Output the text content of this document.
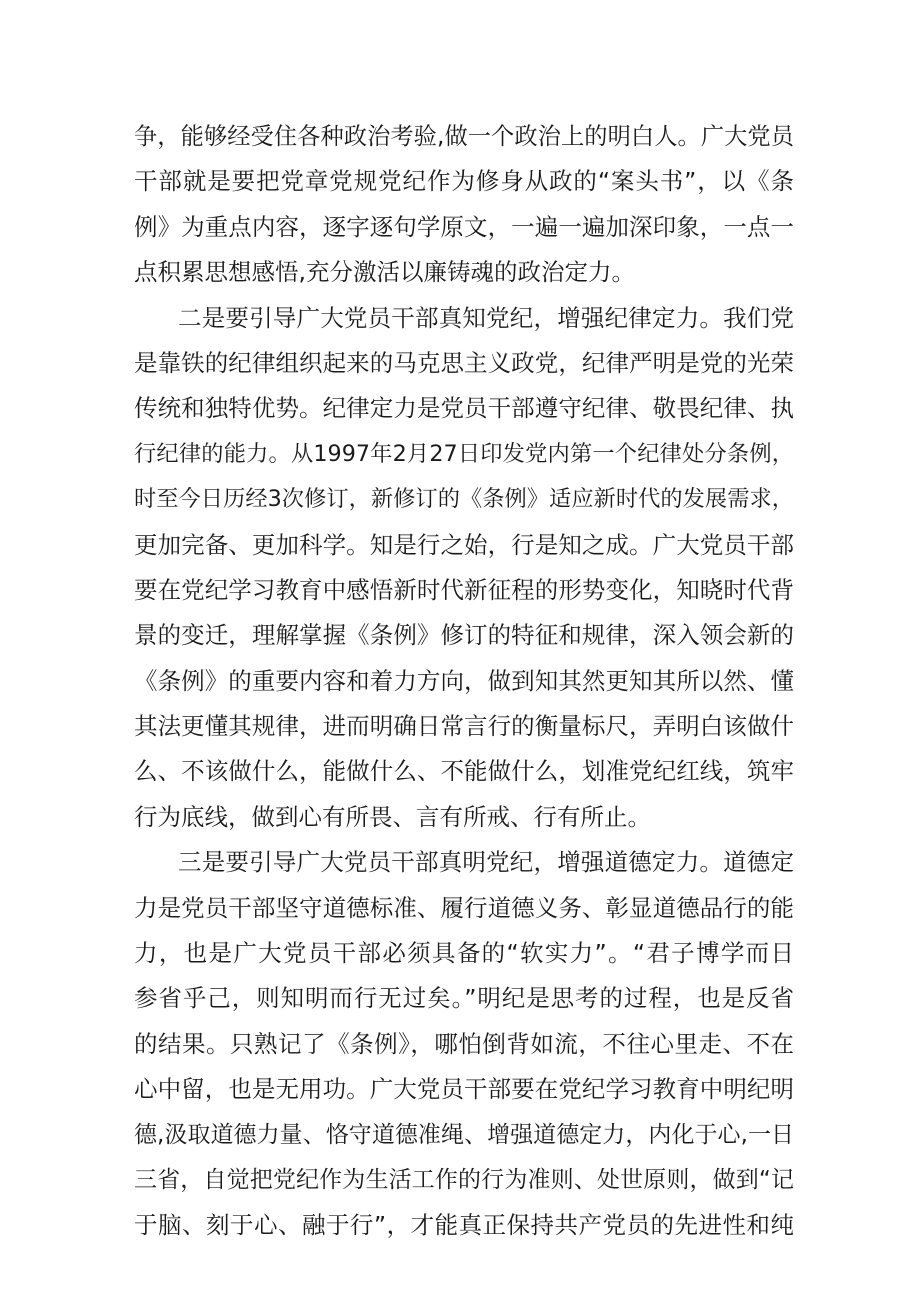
争，能够经受住各种政治考验,做一个政治上的明白人。广大党员
干部就是要把党章党规党纪作为修身从政的“案头书”，以《条
例》为重点内容，逐字逐句学原文，一遍一遍加深印象，一点一
点积累思想感悟,充分激活以廉铸魂的政治定力。
二是要引导广大党员干部真知党纪，增强纪律定力。我们党
是靠铁的纪律组织起来的马克思主义政党，纪律严明是党的光荣
传统和独特优势。纪律定力是党员干部遵守纪律、敬畏纪律、执
行纪律的能力。从1997年2月27日印发党内第一个纪律处分条例，
时至今日历经3次修订，新修订的《条例》适应新时代的发展需求，
更加完备、更加科学。知是行之始，行是知之成。广大党员干部
要在党纪学习教育中感悟新时代新征程的形势变化，知晓时代背
景的变迁，理解掌握《条例》修订的特征和规律，深入领会新的
《条例》的重要内容和着力方向，做到知其然更知其所以然、懂
其法更懂其规律，进而明确日常言行的衡量标尺，弄明白该做什
么、不该做什么，能做什么、不能做什么，划准党纪红线，筑牢
行为底线，做到心有所畏、言有所戒、行有所止。
三是要引导广大党员干部真明党纪，增强道德定力。道德定
力是党员干部坚守道德标准、履行道德义务、彰显道德品行的能
力，也是广大党员干部必须具备的“软实力”。“君子博学而日
参省乎己，则知明而行无过矣。”明纪是思考的过程，也是反省
的结果。只熟记了《条例》，哪怕倒背如流，不往心里走、不在
心中留，也是无用功。广大党员干部要在党纪学习教育中明纪明
德,汲取道德力量、恪守道德准绳、增强道德定力，内化于心,一日
三省，自觉把党纪作为生活工作的行为准则、处世原则，做到“记
于脑、刻于心、融于行”，才能真正保持共产党员的先进性和纯
